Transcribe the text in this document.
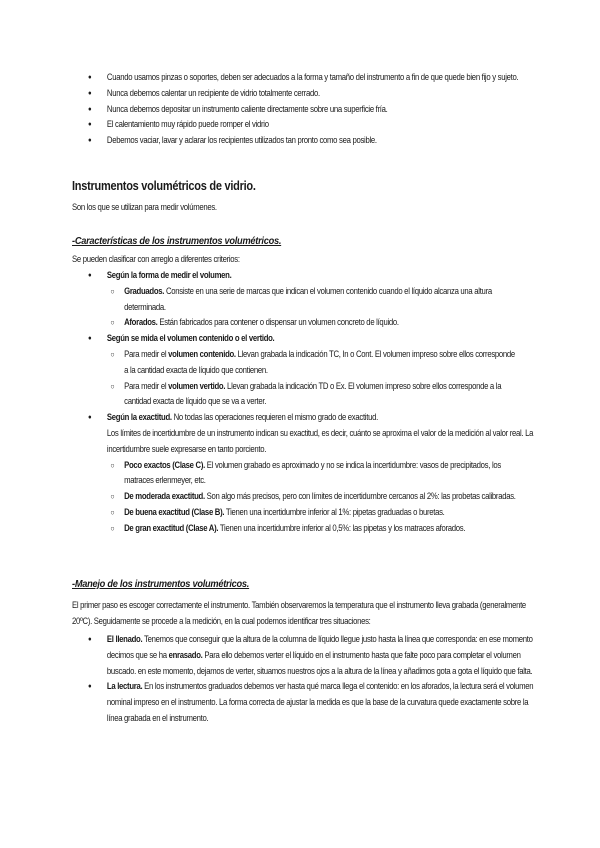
●	Cuando usamos pinzas o soportes, deben ser adecuados a la forma y tamaño del instrumento a fin de que quede bien fijo y sujeto.
●	Nunca debemos calentar un recipiente de vidrio totalmente cerrado.
●	Nunca debemos depositar un instrumento caliente directamente sobre una superficie fría.
●	El calentamiento muy rápido puede romper el vidrio
●	Debemos vaciar, lavar y aclarar los recipientes utilizados tan pronto como sea posible.
Instrumentos volumétricos de vidrio.
Son los que se utilizan para medir volúmenes.
-Características de los instrumentos volumétricos.
Se pueden clasificar con arreglo a diferentes criterios:
●	Según la forma de medir el volumen.
○	Graduados. Consiste en una serie de marcas que indican el volumen contenido cuando el líquido alcanza una altura determinada.
○	Aforados. Están fabricados para contener o dispensar un volumen concreto de líquido.
●	Según se mida el volumen contenido o el vertido.
○	Para medir el volumen contenido. Llevan grabada la indicación TC, In o Cont. El volumen impreso sobre ellos corresponde a la cantidad exacta de líquido que contienen.
○	Para medir el volumen vertido. Llevan grabada la indicación TD o Ex. El volumen impreso sobre ellos corresponde a la cantidad exacta de líquido que se va a verter.
●	Según la exactitud. No todas las operaciones requieren el mismo grado de exactitud.
Los límites de incertidumbre de un instrumento indican su exactitud, es decir, cuánto se aproxima el valor de la medición al valor real. La incertidumbre suele expresarse en tanto porciento.
○	Poco exactos (Clase C). El volumen grabado es aproximado y no se indica la incertidumbre: vasos de precipitados, los matraces erlenmeyer, etc.
○	De moderada exactitud. Son algo más precisos, pero con límites de incertidumbre cercanos al 2%: las probetas calibradas.
○	De buena exactitud (Clase B). Tienen una incertidumbre inferior al 1%: pipetas graduadas o buretas.
○	De gran exactitud (Clase A). Tienen una incertidumbre inferior al 0,5%: las pipetas y los matraces aforados.
-Manejo de los instrumentos volumétricos.
El primer paso es escoger correctamente el instrumento. También observaremos la temperatura que el instrumento lleva grabada (generalmente 20ºC). Seguidamente se procede a la medición, en la cual podemos identificar tres situaciones:
●	El llenado. Tenemos que conseguir que la altura de la columna de líquido llegue justo hasta la línea que corresponda: en ese momento decimos que se ha enrasado. Para ello debemos verter el líquido en el instrumento hasta que falte poco para completar el volumen buscado. en este momento, dejamos de verter, situamos nuestros ojos a la altura de la línea y añadimos gota a gota el líquido que falta.
●	La lectura. En los instrumentos graduados debemos ver hasta qué marca llega el contenido: en los aforados, la lectura será el volumen nominal impreso en el instrumento. La forma correcta de ajustar la medida es que la base de la curvatura quede exactamente sobre la línea grabada en el instrumento.
